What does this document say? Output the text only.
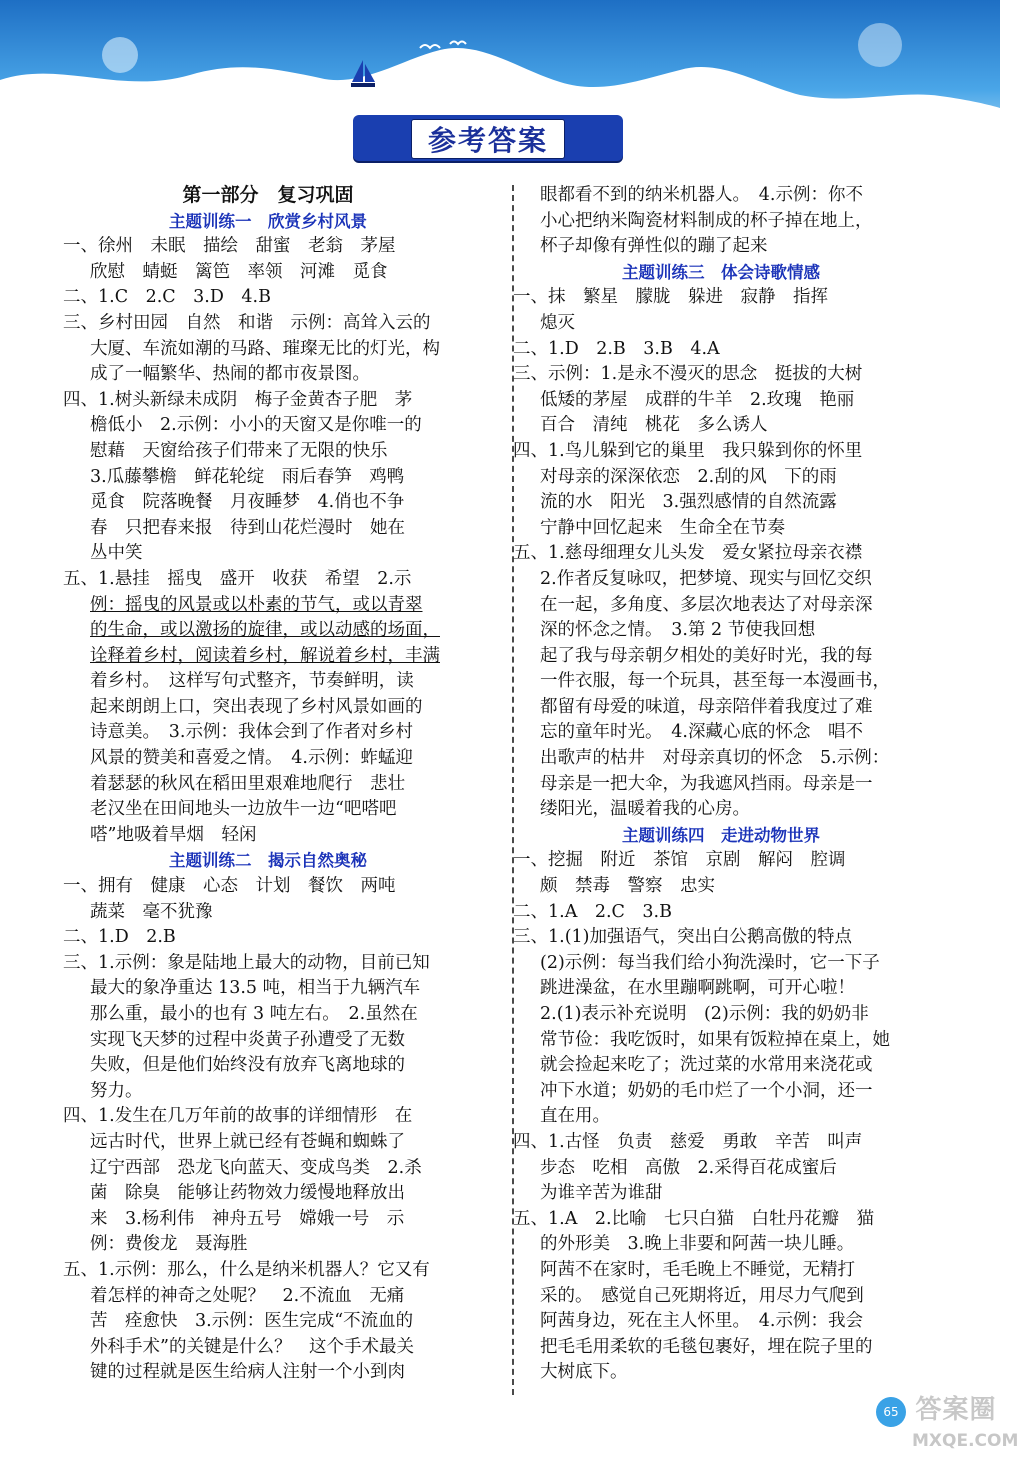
参考答案

第一部分　复习巩固

主题训练一　欣赏乡村风景

一、徐州　未眠　描绘　甜蜜　老翁　茅屋

欣慰　蜻蜓　篱笆　率领　河滩　觅食

二、1.C　2.C　3.D　4.B

三、乡村田园　自然　和谐　示例：高耸入云的

大厦、车流如潮的马路、璀璨无比的灯光，构

成了一幅繁华、热闹的都市夜景图。

四、1.树头新绿未成阴　梅子金黄杏子肥　茅

檐低小　2.示例：小小的天窗又是你唯一的

慰藉　天窗给孩子们带来了无限的快乐

3.瓜藤攀檐　鲜花轮绽　雨后春笋　鸡鸭

觅食　院落晚餐　月夜睡梦　4.俏也不争

春　只把春来报　待到山花烂漫时　她在

丛中笑

五、1.悬挂　摇曳　盛开　收获　希望　2.示

例：摇曳的风景或以朴素的节气，或以青翠

的生命，或以激扬的旋律，或以动感的场面，

诠释着乡村，阅读着乡村，解说着乡村，丰满

着乡村。　这样写句式整齐，节奏鲜明，读

起来朗朗上口，突出表现了乡村风景如画的

诗意美。　3.示例：我体会到了作者对乡村

风景的赞美和喜爱之情。　4.示例：蚱蜢迎

着瑟瑟的秋风在稻田里艰难地爬行　悲壮

老汉坐在田间地头一边放牛一边“吧嗒吧

嗒”地吸着旱烟　轻闲

主题训练二　揭示自然奥秘

一、拥有　健康　心态　计划　餐饮　两吨

蔬菜　毫不犹豫

二、1.D　2.B

三、1.示例：象是陆地上最大的动物，目前已知

最大的象净重达 13.5 吨，相当于九辆汽车

那么重，最小的也有 3 吨左右。　2.虽然在

实现飞天梦的过程中炎黄子孙遭受了无数

失败，但是他们始终没有放弃飞离地球的

努力。

四、1.发生在几万年前的故事的详细情形　在

远古时代，世界上就已经有苍蝇和蜘蛛了

辽宁西部　恐龙飞向蓝天、变成鸟类　2.杀

菌　除臭　能够让药物效力缓慢地释放出

来　3.杨利伟　神舟五号　嫦娥一号　示

例：费俊龙　聂海胜

五、1.示例：那么，什么是纳米机器人？它又有

着怎样的神奇之处呢？　2.不流血　无痛

苦　痊愈快　3.示例：医生完成“不流血的

外科手术”的关键是什么？　这个手术最关

键的过程就是医生给病人注射一个小到肉

眼都看不到的纳米机器人。　4.示例：你不

小心把纳米陶瓷材料制成的杯子掉在地上，

杯子却像有弹性似的蹦了起来

主题训练三　体会诗歌情感

一、抹　繁星　朦胧　躲进　寂静　指挥

熄灭

二、1.D　2.B　3.B　4.A

三、示例：1.是永不漫灭的思念　挺拔的大树

低矮的茅屋　成群的牛羊　2.玫瑰　艳丽

百合　清纯　桃花　多么诱人

四、1.鸟儿躲到它的巢里　我只躲到你的怀里

对母亲的深深依恋　2.刮的风　下的雨

流的水　阳光　3.强烈感情的自然流露

宁静中回忆起来　生命全在节奏

五、1.慈母细理女儿头发　爱女紧拉母亲衣襟

2.作者反复咏叹，把梦境、现实与回忆交织

在一起，多角度、多层次地表达了对母亲深

深的怀念之情。　3.第 2 节使我回想

起了我与母亲朝夕相处的美好时光，我的每

一件衣服，每一个玩具，甚至每一本漫画书，

都留有母爱的味道，母亲陪伴着我度过了难

忘的童年时光。　4.深藏心底的怀念　唱不

出歌声的枯井　对母亲真切的怀念　5.示例：

母亲是一把大伞，为我遮风挡雨。母亲是一

缕阳光，温暖着我的心房。

主题训练四　走进动物世界

一、挖掘　附近　茶馆　京剧　解闷　腔调

颇　禁毒　警察　忠实

二、1.A　2.C　3.B

三、1.(1)加强语气，突出白公鹅高傲的特点

(2)示例：每当我们给小狗洗澡时，它一下子

跳进澡盆，在水里蹦啊跳啊，可开心啦！

2.(1)表示补充说明　(2)示例：我的奶奶非

常节俭：我吃饭时，如果有饭粒掉在桌上，她

就会捡起来吃了；洗过菜的水常用来浇花或

冲下水道；奶奶的毛巾烂了一个小洞，还一

直在用。

四、1.古怪　负责　慈爱　勇敢　辛苦　叫声

步态　吃相　高傲　2.采得百花成蜜后

为谁辛苦为谁甜

五、1.A　2.比喻　七只白猫　白牡丹花瓣　猫

的外形美　3.晚上非要和阿茜一块儿睡。

阿茜不在家时，毛毛晚上不睡觉，无精打

采的。　感觉自己死期将近，用尽力气爬到

阿茜身边，死在主人怀里。　4.示例：我会

把毛毛用柔软的毛毯包裹好，埋在院子里的

大树底下。

65 答案圈
MXQE.COM
